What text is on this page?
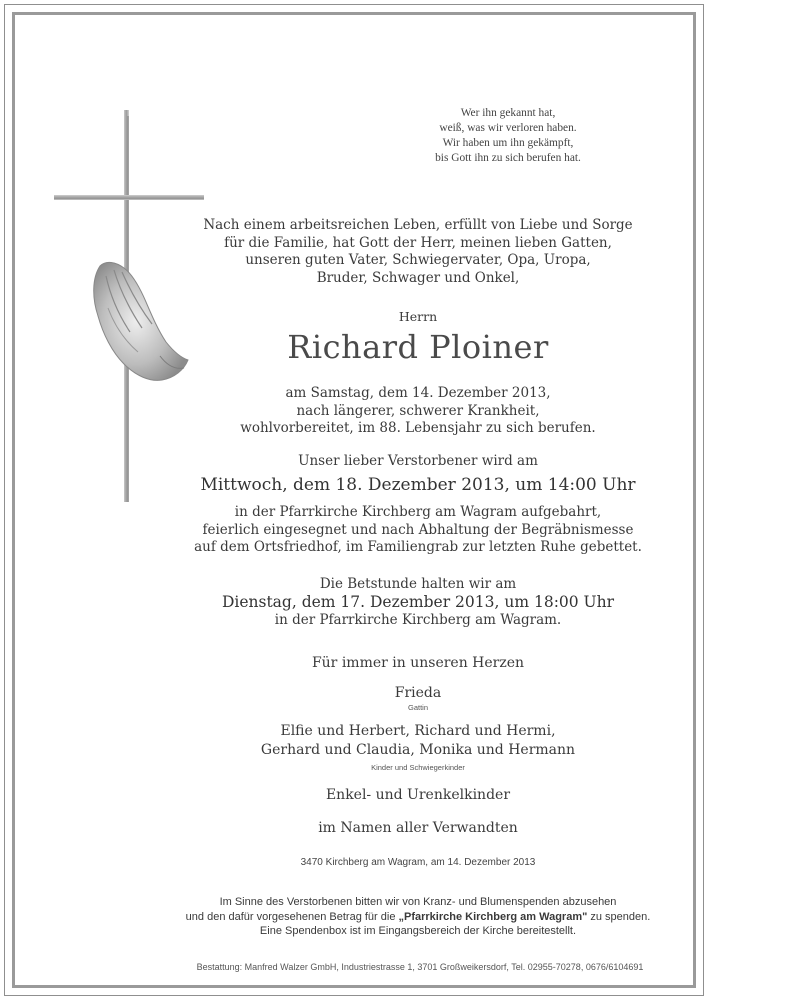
Wer ihn gekannt hat,
weiß, was wir verloren haben.
Wir haben um ihn gekämpft,
bis Gott ihn zu sich berufen hat.
Nach einem arbeitsreichen Leben, erfüllt von Liebe und Sorge
für die Familie, hat Gott der Herr, meinen lieben Gatten,
unseren guten Vater, Schwiegervater, Opa, Uropa,
Bruder, Schwager und Onkel,
Herrn
Richard Ploiner
am Samstag, dem 14. Dezember 2013,
nach längerer, schwerer Krankheit,
wohlvorbereitet, im 88. Lebensjahr zu sich berufen.
Unser lieber Verstorbener wird am
Mittwoch, dem 18. Dezember 2013, um 14:00 Uhr
in der Pfarrkirche Kirchberg am Wagram aufgebahrt,
feierlich eingesegnet und nach Abhaltung der Begräbnismesse
auf dem Ortsfriedhof, im Familiengrab zur letzten Ruhe gebettet.
Die Betstunde halten wir am
Dienstag, dem 17. Dezember 2013, um 18:00 Uhr
in der Pfarrkirche Kirchberg am Wagram.
Für immer in unseren Herzen
Frieda
Gattin
Elfie und Herbert, Richard und Hermi,
Gerhard und Claudia, Monika und Hermann
Kinder und Schwiegerkinder
Enkel- und Urenkelkinder
im Namen aller Verwandten
3470 Kirchberg am Wagram, am 14. Dezember 2013
Im Sinne des Verstorbenen bitten wir von Kranz- und Blumenspenden abzusehen
und den dafür vorgesehenen Betrag für die „Pfarrkirche Kirchberg am Wagram" zu spenden.
Eine Spendenbox ist im Eingangsbereich der Kirche bereitestellt.
Bestattung: Manfred Walzer GmbH, Industriestrasse 1, 3701 Großweikersdorf, Tel. 02955-70278, 0676/6104691
